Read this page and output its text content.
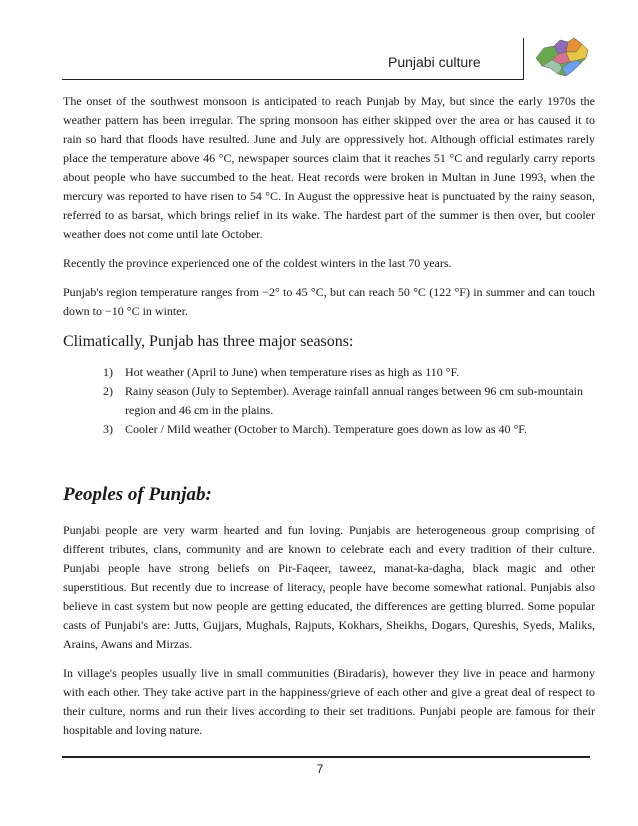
Punjabi culture

The onset of the southwest monsoon is anticipated to reach Punjab by May, but since the early 1970s the weather pattern has been irregular. The spring monsoon has either skipped over the area or has caused it to rain so hard that floods have resulted. June and July are oppressively hot. Although official estimates rarely place the temperature above 46 °C, newspaper sources claim that it reaches 51 °C and regularly carry reports about people who have succumbed to the heat. Heat records were broken in Multan in June 1993, when the mercury was reported to have risen to 54 °C. In August the oppressive heat is punctuated by the rainy season, referred to as barsat, which brings relief in its wake. The hardest part of the summer is then over, but cooler weather does not come until late October.

Recently the province experienced one of the coldest winters in the last 70 years.

Punjab's region temperature ranges from −2° to 45 °C, but can reach 50 °C (122 °F) in summer and can touch down to −10 °C in winter.

Climatically, Punjab has three major seasons:
1) Hot weather (April to June) when temperature rises as high as 110 °F.
2) Rainy season (July to September). Average rainfall annual ranges between 96 cm sub-mountain region and 46 cm in the plains.
3) Cooler / Mild weather (October to March). Temperature goes down as low as 40 °F.
Peoples of Punjab:

Punjabi people are very warm hearted and fun loving. Punjabis are heterogeneous group comprising of different tributes, clans, community and are known to celebrate each and every tradition of their culture. Punjabi people have strong beliefs on Pir-Faqeer, taweez, manat-ka-dagha, black magic and other superstitious. But recently due to increase of literacy, people have become somewhat rational. Punjabis also believe in cast system but now people are getting educated, the differences are getting blurred. Some popular casts of Punjabi's are: Jutts, Gujjars, Mughals, Rajputs, Kokhars, Sheikhs, Dogars, Qureshis, Syeds, Maliks, Arains, Awans and Mirzas.

In village's peoples usually live in small communities (Biradaris), however they live in peace and harmony with each other. They take active part in the happiness/grieve of each other and give a great deal of respect to their culture, norms and run their lives according to their set traditions. Punjabi people are famous for their hospitable and loving nature.

7
